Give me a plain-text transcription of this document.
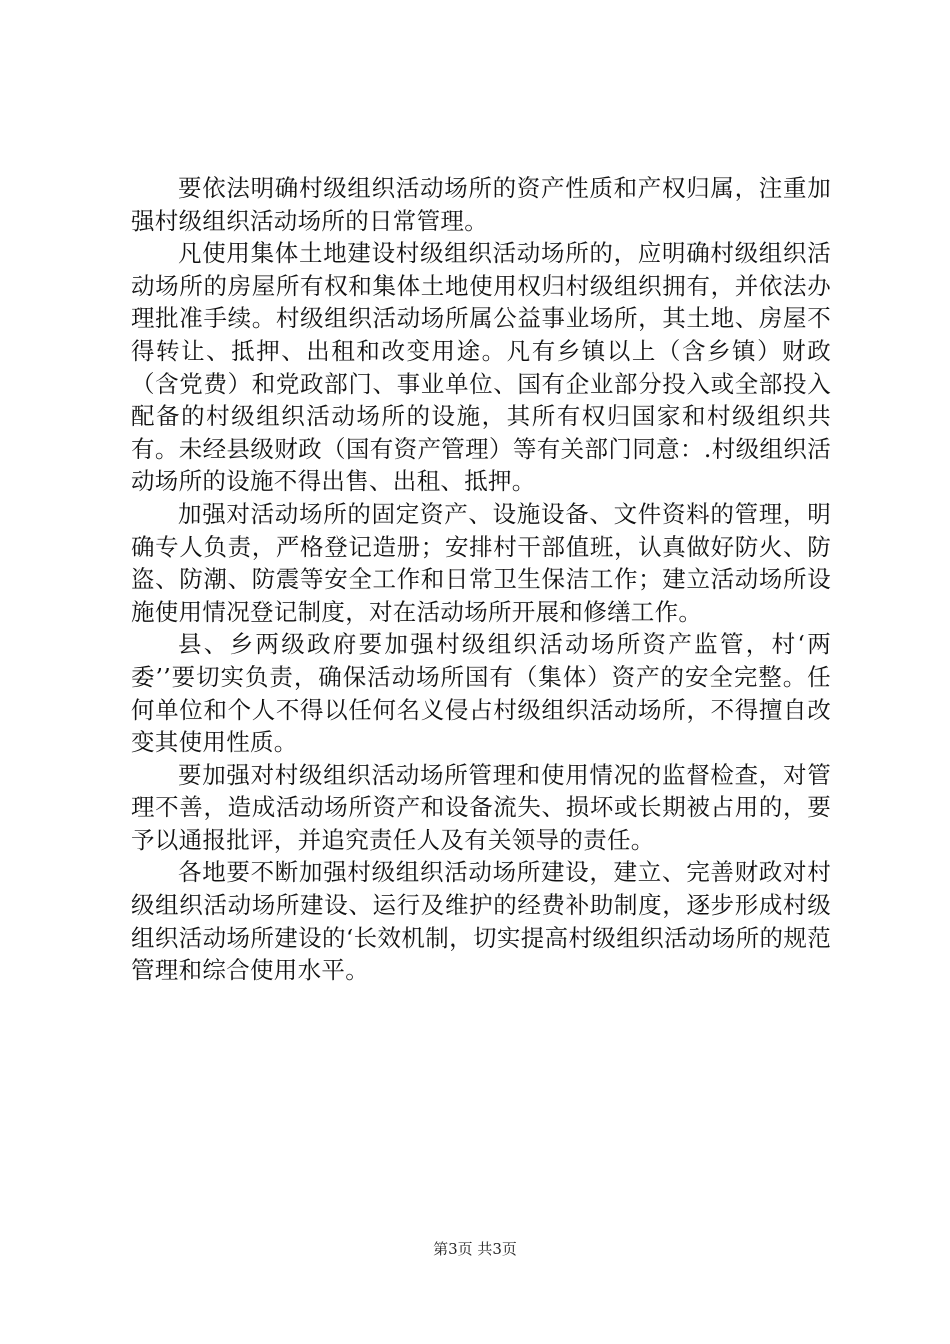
要依法明确村级组织活动场所的资产性质和产权归属，注重加强村级组织活动场所的日常管理。

凡使用集体土地建设村级组织活动场所的，应明确村级组织活动场所的房屋所有权和集体土地使用权归村级组织拥有，并依法办理批准手续。村级组织活动场所属公益事业场所，其土地、房屋不得转让、抵押、出租和改变用途。凡有乡镇以上（含乡镇）财政（含党费）和党政部门、事业单位、国有企业部分投入或全部投入配备的村级组织活动场所的设施，其所有权归国家和村级组织共有。未经县级财政（国有资产管理）等有关部门同意：.村级组织活动场所的设施不得出售、出租、抵押。

加强对活动场所的固定资产、设施设备、文件资料的管理，明确专人负责，严格登记造册；安排村干部值班，认真做好防火、防盗、防潮、防震等安全工作和日常卫生保洁工作；建立活动场所设施使用情况登记制度，对在活动场所开展和修缮工作。

县、乡两级政府要加强村级组织活动场所资产监管，村‘两委’’要切实负责，确保活动场所国有（集体）资产的安全完整。任何单位和个人不得以任何名义侵占村级组织活动场所，不得擅自改变其使用性质。

要加强对村级组织活动场所管理和使用情况的监督检查，对管理不善，造成活动场所资产和设备流失、损坏或长期被占用的，要予以通报批评，并追究责任人及有关领导的责任。

各地要不断加强村级组织活动场所建设，建立、完善财政对村级组织活动场所建设、运行及维护的经费补助制度，逐步形成村级组织活动场所建设的‘长效机制，切实提高村级组织活动场所的规范管理和综合使用水平。

第3页 共3页
